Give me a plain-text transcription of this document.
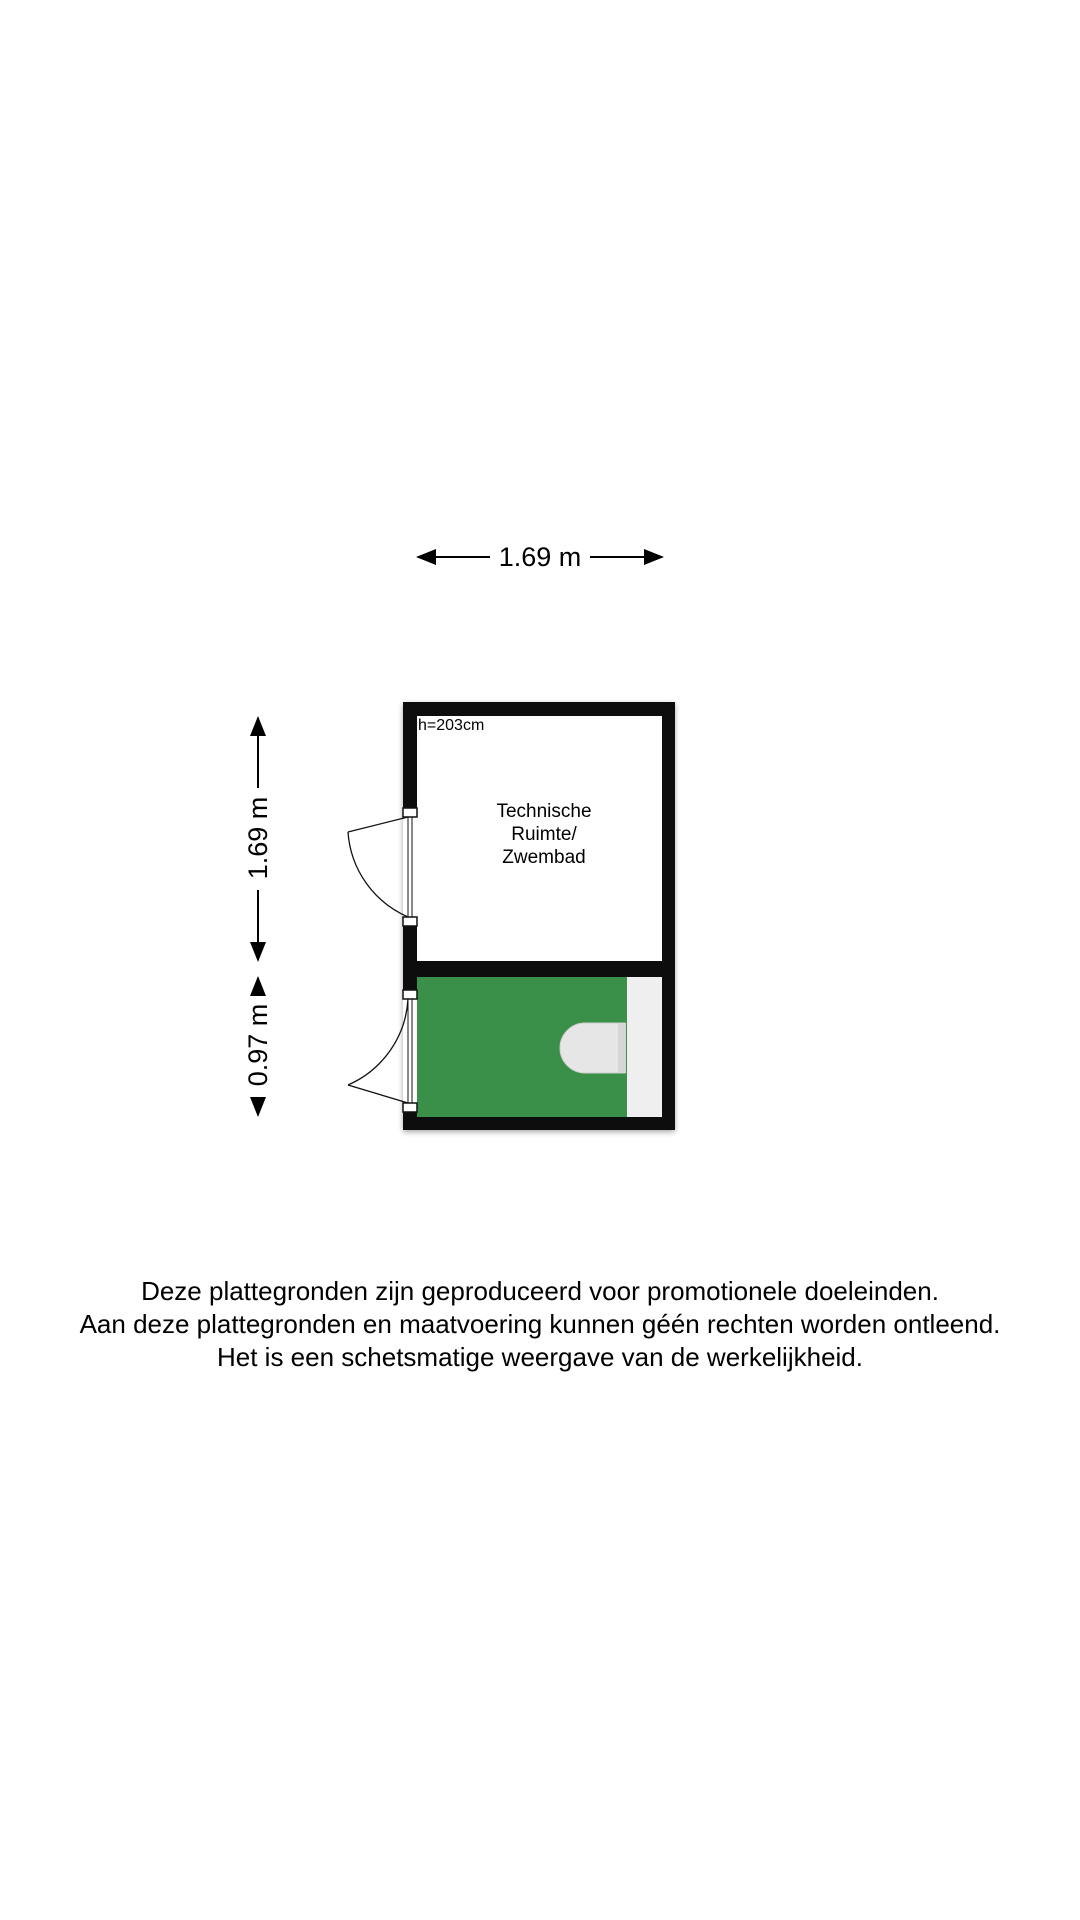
1.69 m
1.69 m
0.97 m
h=203cm
Technische
Ruimte/
Zwembad
Deze plattegronden zijn geproduceerd voor promotionele doeleinden.
Aan deze plattegronden en maatvoering kunnen géén rechten worden ontleend.
Het is een schetsmatige weergave van de werkelijkheid.
